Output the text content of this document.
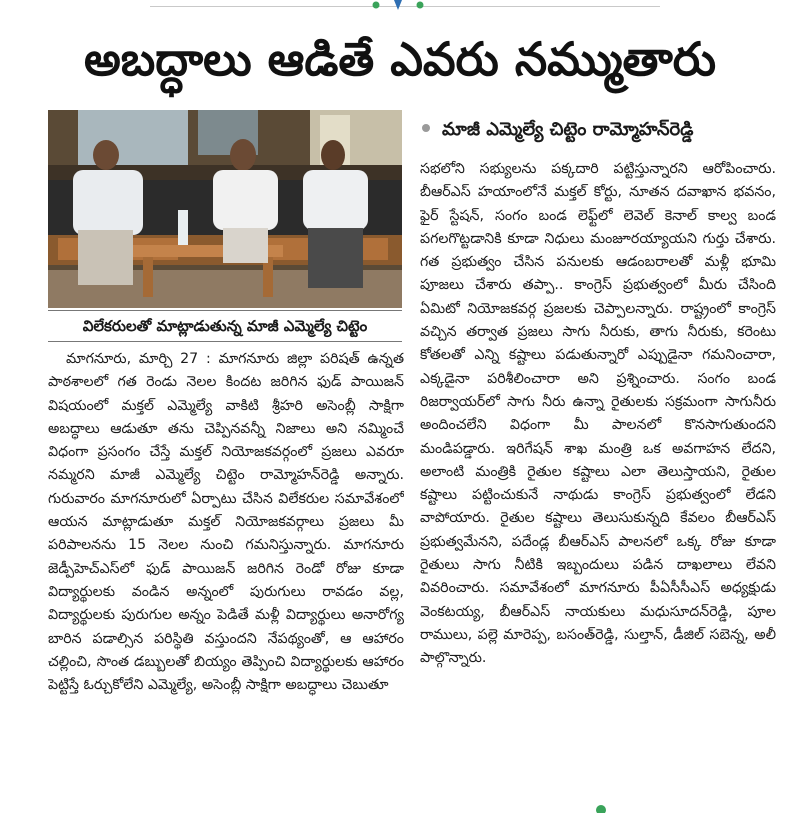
అబద్ధాలు ఆడితే ఎవరు నమ్ముతారు
విలేకరులతో మాట్లాడుతున్న మాజీ ఎమ్మెల్యే చిట్టెం
మాజీ ఎమ్మెల్యే చిట్టెం రామ్మోహన్‌రెడ్డి
మాగనూరు, మార్చి 27 : మాగనూరు జిల్లా పరిషత్ ఉన్నత పాఠశాలలో గత రెండు నెలల కిందట జరిగిన ఫుడ్ పాయిజన్ విషయంలో మక్తల్ ఎమ్మెల్యే వాకిటి శ్రీహరి అసెంబ్లీ సాక్షిగా అబద్ధాలు ఆడుతూ తను చెప్పినవన్నీ నిజాలు అని నమ్మించే విధంగా ప్రసంగం చేస్తే మక్తల్ నియోజకవర్గంలో ప్రజలు ఎవరూ నమ్మరని మాజీ ఎమ్మెల్యే చిట్టెం రామ్మోహన్‌రెడ్డి అన్నారు. గురువారం మాగనూరులో ఏర్పాటు చేసిన విలేకరుల సమావేశంలో ఆయన మాట్లాడుతూ మక్తల్ నియోజకవర్గాలు ప్రజలు మీ పరిపాలనను 15 నెలల నుంచి గమనిస్తున్నారు. మాగనూరు జెడ్పీహెచ్‌ఎస్‌లో ఫుడ్ పాయిజన్ జరిగిన రెండో రోజు కూడా విద్యార్థులకు వండిన అన్నంలో పురుగులు రావడం వల్ల, విద్యార్థులకు పురుగుల అన్నం పెడితే మళ్లీ విద్యార్థులు అనారోగ్య బారిన పడాల్సిన పరిస్థితి వస్తుందని నేపథ్యంతో, ఆ ఆహారం చల్లించి, సొంత డబ్బులతో బియ్యం తెప్పించి విద్యార్థులకు ఆహారం పెట్టిస్తే ఓర్చుకోలేని ఎమ్మెల్యే, అసెంబ్లీ సాక్షిగా అబద్ధాలు చెబుతూ
సభలోని సభ్యులను పక్కదారి పట్టిస్తున్నారని ఆరోపించారు. బీఆర్‌ఎస్ హయాంలోనే మక్తల్ కోర్టు, నూతన దవాఖాన భవనం, ఫైర్ స్టేషన్, సంగం బండ లెఫ్ట్‌లో లెవెల్ కెనాల్ కాల్వ బండ పగలగొట్టడానికి కూడా నిధులు మంజూరయ్యాయని గుర్తు చేశారు. గత ప్రభుత్వం చేసిన పనులకు ఆడంబరాలతో మళ్లీ భూమి పూజలు చేశారు తప్పా.. కాంగ్రెస్ ప్రభుత్వంలో మీరు చేసింది ఏమిటో నియోజకవర్గ ప్రజలకు చెప్పాలన్నారు. రాష్ట్రంలో కాంగ్రెస్ వచ్చిన తర్వాత ప్రజలు సాగు నీరుకు, తాగు నీరుకు, కరెంటు కోతలతో ఎన్ని కష్టాలు పడుతున్నారో ఎప్పుడైనా గమనించారా, ఎక్కడైనా పరిశీలించారా అని ప్రశ్నించారు. సంగం బండ రిజర్వాయర్‌లో సాగు నీరు ఉన్నా రైతులకు సక్రమంగా సాగునీరు అందించలేని విధంగా మీ పాలనలో కొనసాగుతుందని మండిపడ్డారు. ఇరిగేషన్ శాఖ మంత్రి ఒక అవగాహన లేదని, అలాంటి మంత్రికి రైతుల కష్టాలు ఎలా తెలుస్తాయని, రైతుల కష్టాలు పట్టించుకునే నాథుడు కాంగ్రెస్ ప్రభుత్వంలో లేడని వాపోయారు. రైతుల కష్టాలు తెలుసుకున్నది కేవలం బీఆర్‌ఎస్ ప్రభుత్వమేనని, పదేండ్ల బీఆర్‌ఎస్ పాలనలో ఒక్క రోజు కూడా రైతులు సాగు నీటికి ఇబ్బందులు పడిన దాఖలాలు లేవని వివరించారు. సమావేశంలో మాగనూరు పీఏసీసీఎస్ అధ్యక్షుడు వెంకటయ్య, బీఆర్‌ఎస్ నాయకులు మధుసూదన్‌రెడ్డి, పూల రాములు, పల్లె మారెప్ప, బసంత్‌రెడ్డి, సుల్తాన్, డీజిల్ సబెన్న, అలీ పాల్గొన్నారు.
